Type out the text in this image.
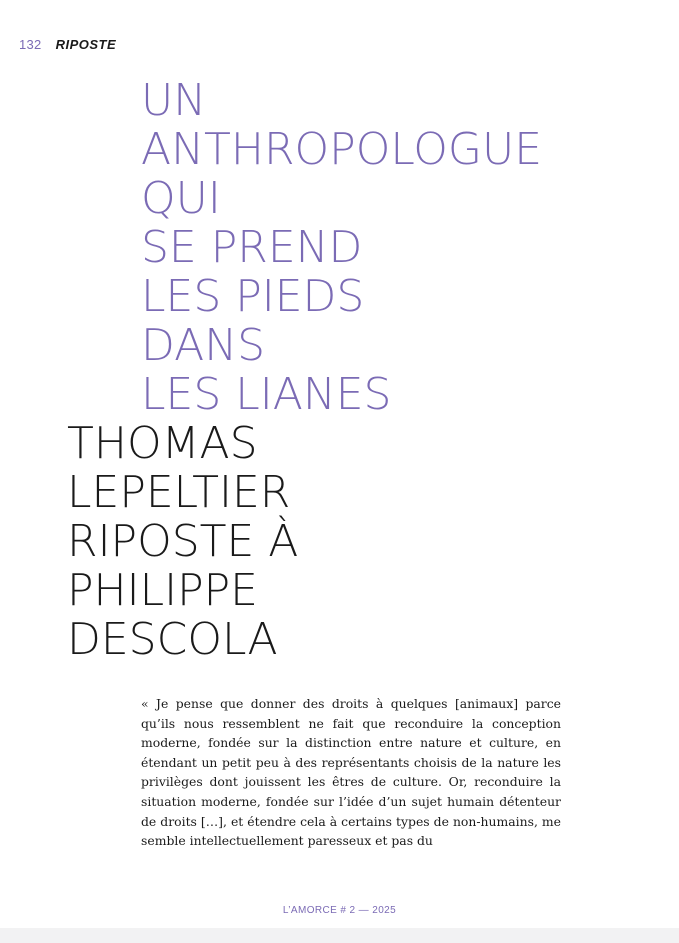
132 RIPOSTE
UN
ANTHROPOLOGUE
QUI
SE PREND
LES PIEDS
DANS
LES LIANES
THOMAS
LEPELTIER
RIPOSTE À
PHILIPPE
DESCOLA

« Je pense que donner des droits à quelques [animaux] parce qu’ils nous ressemblent ne fait que reconduire la conception moderne, fondée sur la distinction entre nature et culture, en étendant un petit peu à des représentants choisis de la nature les privilèges dont jouissent les êtres de culture. Or, reconduire la situation moderne, fondée sur l’idée d’un sujet humain détenteur de droits […], et étendre cela à certains types de non-humains, me semble intellectuellement paresseux et pas du

L’AMORCE # 2 — 2025
